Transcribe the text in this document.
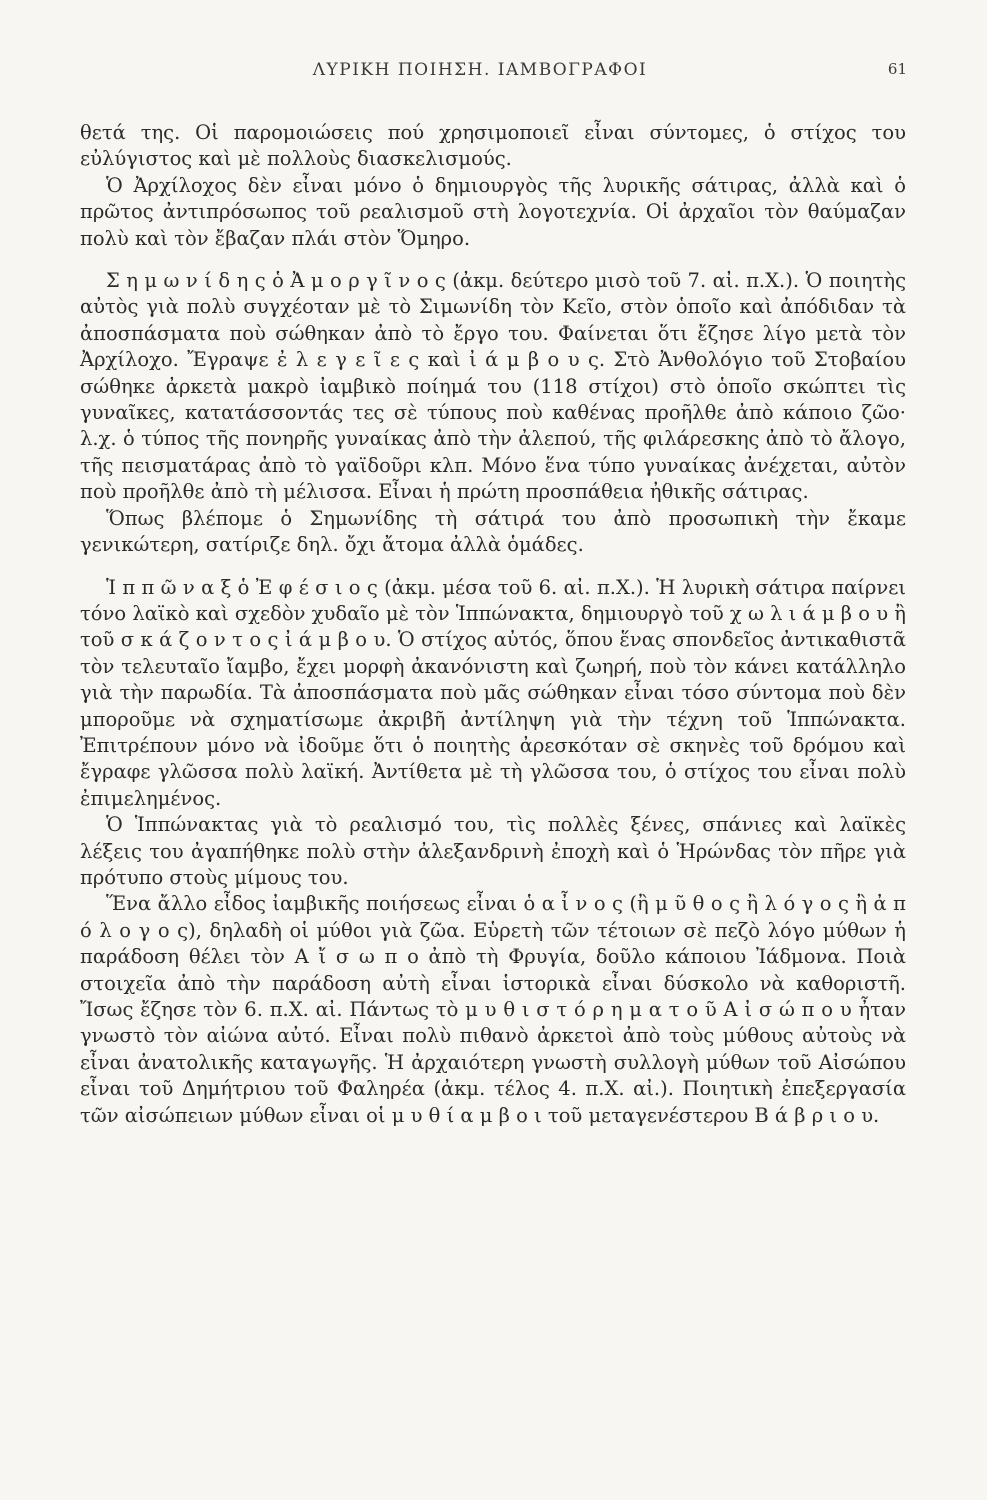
ΛΥΡΙΚΗ ΠΟΙΗΣΗ. ΙΑΜΒΟΓΡΑΦΟΙ	61

θετά της. Οἱ παρομοιώσεις πού χρησιμοποιεῖ εἶναι σύντομες, ὁ στίχος του εὐλύγιστος καὶ μὲ πολλοὺς διασκελισμούς.

Ὁ Ἀρχίλοχος δὲν εἶναι μόνο ὁ δημιουργὸς τῆς λυρικῆς σάτιρας, ἀλλὰ καὶ ὁ πρῶτος ἀντιπρόσωπος τοῦ ρεαλισμοῦ στὴ λογοτεχνία. Οἱ ἀρχαῖοι τὸν θαύμαζαν πολὺ καὶ τὸν ἔβαζαν πλάι στὸν Ὅμηρο.

Σ η μ ω ν ί δ η ς ὁ Ἀ μ ο ρ γ ῖ ν ο ς (ἀκμ. δεύτερο μισὸ τοῦ 7. αἰ. π.Χ.). Ὁ ποιητὴς αὐτὸς γιὰ πολὺ συγχέοταν μὲ τὸ Σιμωνίδη τὸν Κεῖο, στὸν ὁποῖο καὶ ἀπόδιδαν τὰ ἀποσπάσματα ποὺ σώθηκαν ἀπὸ τὸ ἔργο του. Φαίνεται ὅτι ἔζησε λίγο μετὰ τὸν Ἀρχίλοχο. Ἔγραψε ἐ λ ε γ ε ῖ ε ς καὶ ἰ ά μ β ο υ ς. Στὸ Ἀνθολόγιο τοῦ Στοβαίου σώθηκε ἀρκετὰ μακρὸ ἰαμβικὸ ποίημά του (118 στίχοι) στὸ ὁποῖο σκώπτει τὶς γυναῖκες, κατατάσσοντάς τες σὲ τύπους ποὺ καθένας προῆλθε ἀπὸ κάποιο ζῶο· λ.χ. ὁ τύπος τῆς πονηρῆς γυναίκας ἀπὸ τὴν ἀλεπού, τῆς φιλάρεσκης ἀπὸ τὸ ἄλογο, τῆς πεισματάρας ἀπὸ τὸ γαϊδοῦρι κλπ. Μόνο ἕνα τύπο γυναίκας ἀνέχεται, αὐτὸν ποὺ προῆλθε ἀπὸ τὴ μέλισσα. Εἶναι ἡ πρώτη προσπάθεια ἠθικῆς σάτιρας.

Ὅπως βλέπομε ὁ Σημωνίδης τὴ σάτιρά του ἀπὸ προσωπικὴ τὴν ἔκαμε γενικώτερη, σατίριζε δηλ. ὄχι ἄτομα ἀλλὰ ὁμάδες.

Ἱ π π ῶ ν α ξ ὁ Ἐ φ έ σ ι ο ς (ἀκμ. μέσα τοῦ 6. αἰ. π.Χ.). Ἡ λυρικὴ σάτιρα παίρνει τόνο λαϊκὸ καὶ σχεδὸν χυδαῖο μὲ τὸν Ἱππώνακτα, δημιουργὸ τοῦ χ ω λ ι ά μ β ο υ ἢ τοῦ σ κ ά ζ ο ν τ ο ς ἰ ά μ β ο υ. Ὁ στίχος αὐτός, ὅπου ἕνας σπονδεῖος ἀντικαθιστᾶ τὸν τελευταῖο ἴαμβο, ἔχει μορφὴ ἀκανόνιστη καὶ ζωηρή, ποὺ τὸν κάνει κατάλληλο γιὰ τὴν παρωδία. Τὰ ἀποσπάσματα ποὺ μᾶς σώθηκαν εἶναι τόσο σύντομα ποὺ δὲν μποροῦμε νὰ σχηματίσωμε ἀκριβῆ ἀντίληψη γιὰ τὴν τέχνη τοῦ Ἱππώνακτα. Ἐπιτρέπουν μόνο νὰ ἰδοῦμε ὅτι ὁ ποιητὴς ἀρεσκόταν σὲ σκηνὲς τοῦ δρόμου καὶ ἔγραφε γλῶσσα πολὺ λαϊκή. Ἀντίθετα μὲ τὴ γλῶσσα του, ὁ στίχος του εἶναι πολὺ ἐπιμελημένος.

Ὁ Ἱππώνακτας γιὰ τὸ ρεαλισμό του, τὶς πολλὲς ξένες, σπάνιες καὶ λαϊκὲς λέξεις του ἀγαπήθηκε πολὺ στὴν ἀλεξανδρινὴ ἐποχὴ καὶ ὁ Ἡρώνδας τὸν πῆρε γιὰ πρότυπο στοὺς μίμους του.

Ἕνα ἄλλο εἶδος ἰαμβικῆς ποιήσεως εἶναι ὁ α ἶ ν ο ς (ἢ μ ῦ θ ο ς ἢ λ ό γ ο ς ἢ ἀ π ό λ ο γ ο ς), δηλαδὴ οἱ μύθοι γιὰ ζῶα. Εὑρετὴ τῶν τέτοιων σὲ πεζὸ λόγο μύθων ἡ παράδοση θέλει τὸν Α ἴ σ ω π ο ἀπὸ τὴ Φρυγία, δοῦλο κάποιου Ἰάδμονα. Ποιὰ στοιχεῖα ἀπὸ τὴν παράδοση αὐτὴ εἶναι ἱστορικὰ εἶναι δύσκολο νὰ καθοριστῆ. Ἴσως ἔζησε τὸν 6. π.Χ. αἰ. Πάντως τὸ μ υ θ ι σ τ ό ρ η μ α τ ο ῦ Α ἰ σ ώ π ο υ ἦταν γνωστὸ τὸν αἰώνα αὐτό. Εἶναι πολὺ πιθανὸ ἀρκετοὶ ἀπὸ τοὺς μύθους αὐτοὺς νὰ εἶναι ἀνατολικῆς καταγωγῆς. Ἡ ἀρχαιότερη γνωστὴ συλλογὴ μύθων τοῦ Αἰσώπου εἶναι τοῦ Δημήτριου τοῦ Φαληρέα (ἀκμ. τέλος 4. π.Χ. αἰ.). Ποιητικὴ ἐπεξεργασία τῶν αἰσώπειων μύθων εἶναι οἱ μ υ θ ί α μ β ο ι τοῦ μεταγενέστερου Β ά β ρ ι ο υ.
